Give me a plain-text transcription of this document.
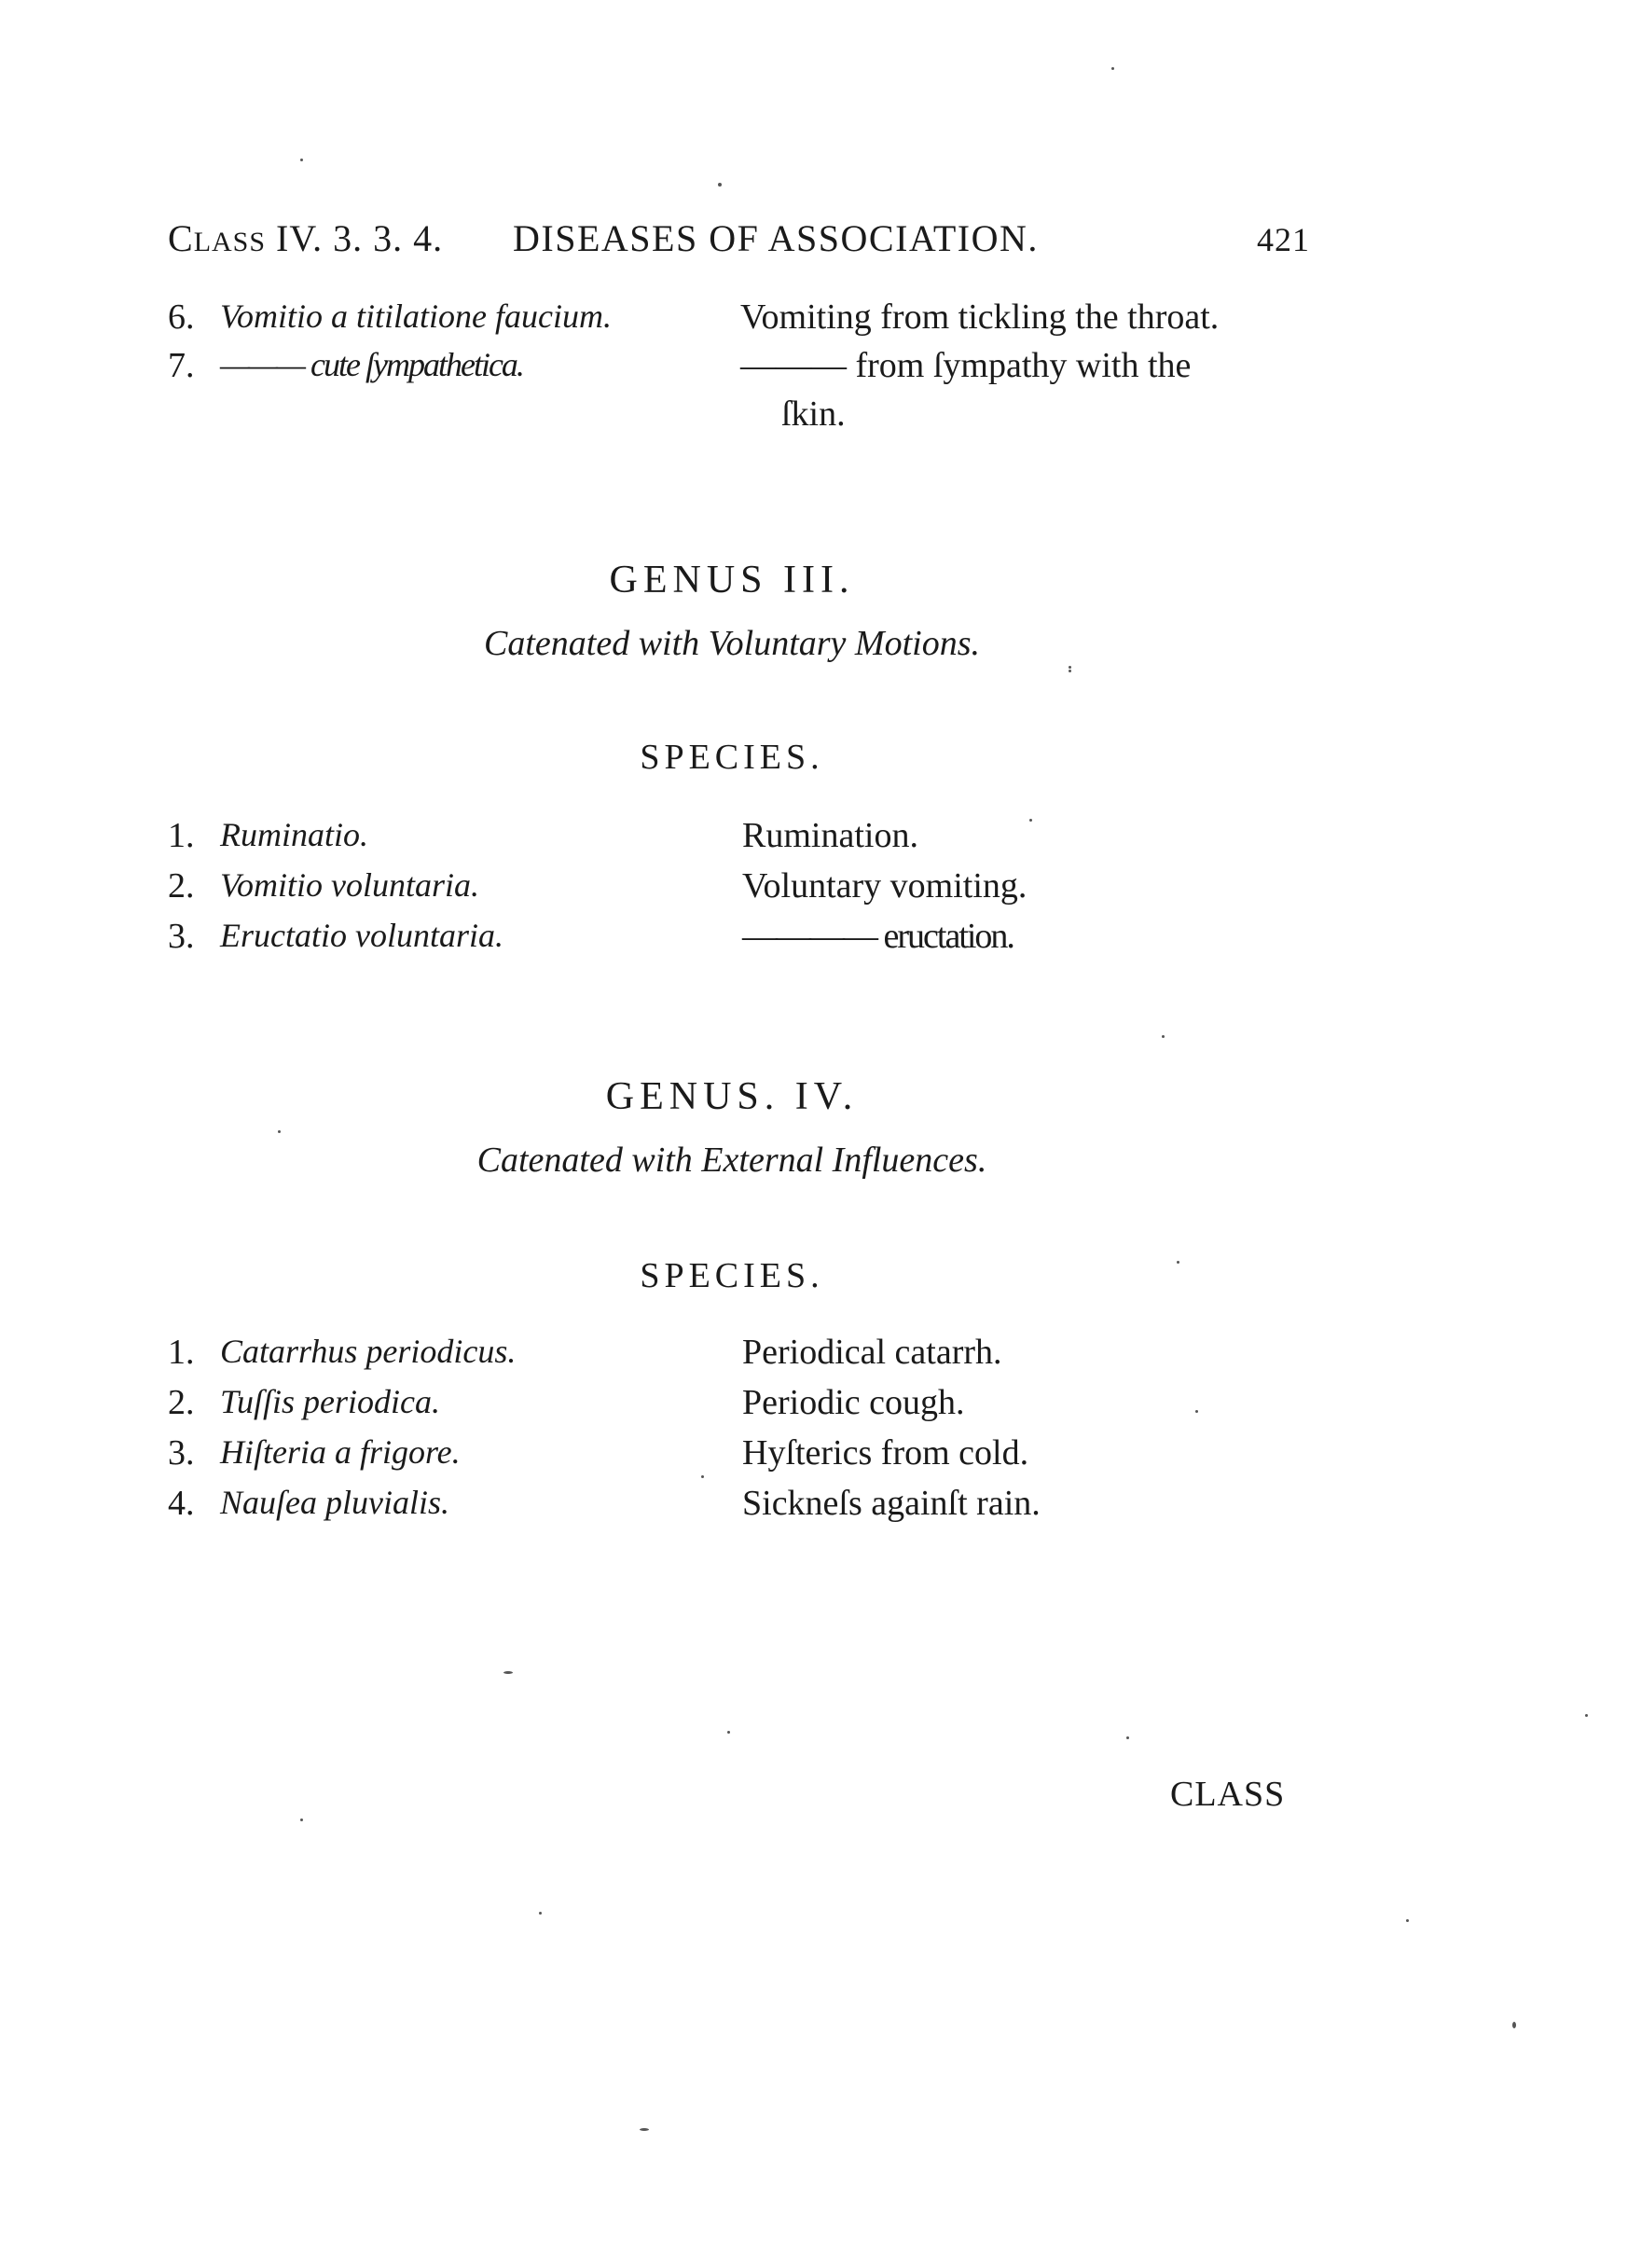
CLASS IV. 3. 3. 4. DISEASES OF ASSOCIATION.	421
6. Vomitio a titilatione faucium.	Vomiting from tickling the throat.
7. ——— cute ſympathetica.	——— from ſympathy with the
ſkin.
GENUS III.
Catenated with Voluntary Motions.
SPECIES.
1. Ruminatio.	Rumination.
2. Vomitio voluntaria.	Voluntary vomiting.
3. Eructatio voluntaria.	———— eructation.
GENUS. IV.
Catenated with External Influences.
SPECIES.
1. Catarrhus periodicus.	Periodical catarrh.
2. Tuſſis periodica.	Periodic cough.
3. Hiſteria a frigore.	Hyſterics from cold.
4. Nauſea pluvialis.	Sickneſs againſt rain.
CLASS
